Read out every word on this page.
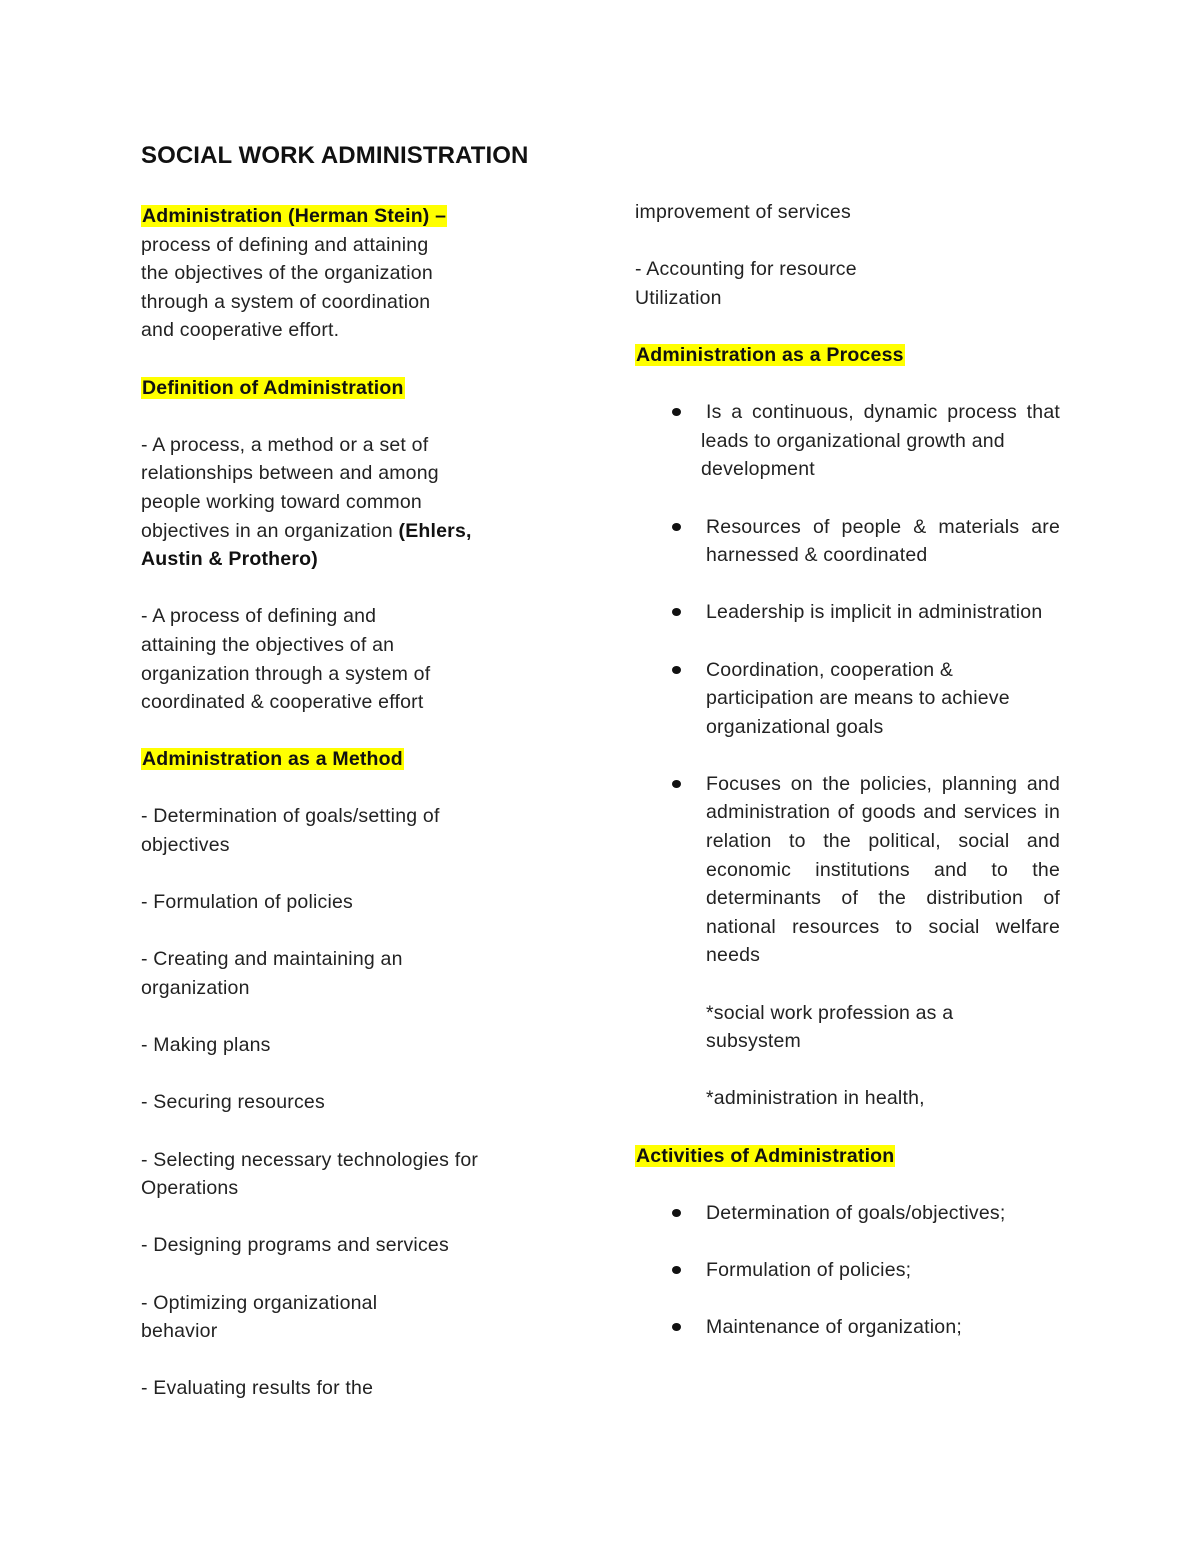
SOCIAL WORK ADMINISTRATION

Administration (Herman Stein) –

process of defining and attaining

the objectives of the organization

through a system of coordination

and cooperative effort.

Definition of Administration

- A process, a method or a set of

relationships between and among

people working toward common

objectives in an organization (Ehlers,

Austin & Prothero)

- A process of defining and

attaining the objectives of an

organization through a system of

coordinated & cooperative effort

Administration as a Method

- Determination of goals/setting of

objectives

- Formulation of policies

- Creating and maintaining an

organization

- Making plans

- Securing resources

- Selecting necessary technologies for

Operations

- Designing programs and services

- Optimizing organizational

behavior

- Evaluating results for the

improvement of services

- Accounting for resource

Utilization

Administration as a Process

Is a continuous, dynamic process that
leads to organizational growth and
development
Resources of people & materials are harnessed & coordinated
Leadership is implicit in administration
Coordination, cooperation & participation are means to achieve organizational goals
Focuses on the policies, planning and administration of goods and services in relation to the political, social and economic institutions and to the determinants of the distribution of national resources to social welfare needs

*social work profession as a

subsystem

*administration in health,

Activities of Administration

Determination of goals/objectives;
Formulation of policies;
Maintenance of organization;
